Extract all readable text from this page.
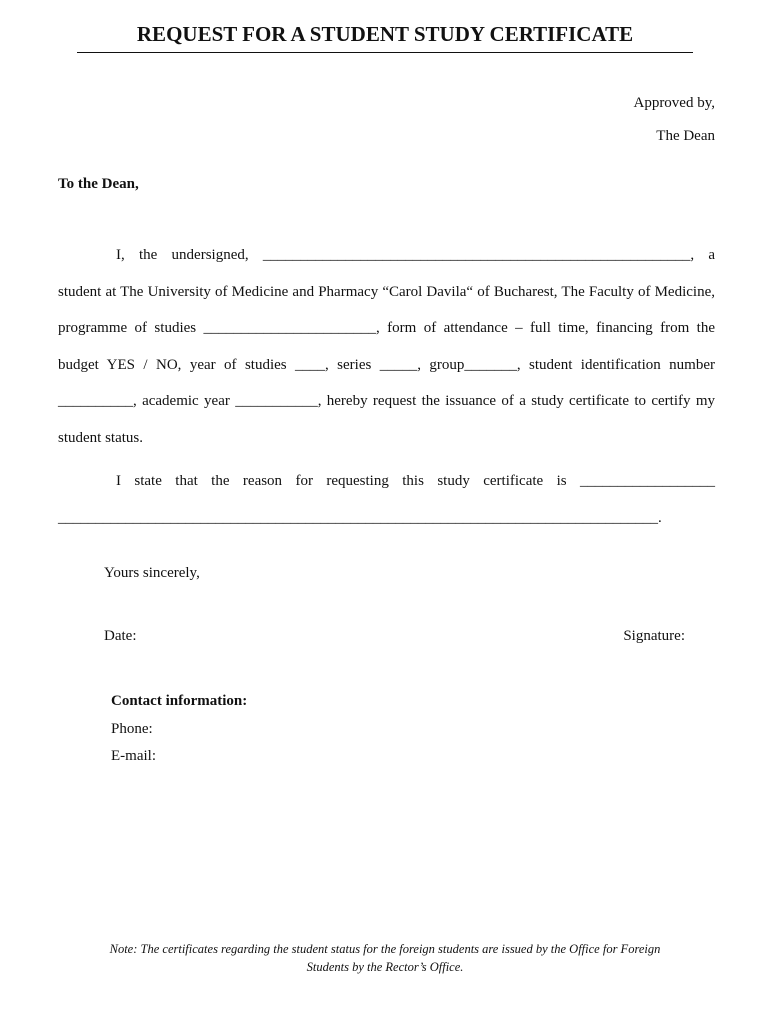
REQUEST FOR A STUDENT STUDY CERTIFICATE
Approved by,
The Dean
To the Dean,

I, the undersigned, _________________________________________________________, a student at The University of Medicine and Pharmacy “Carol Davila“ of Bucharest, The Faculty of Medicine, programme of studies _______________________, form of attendance – full time, financing from the budget YES / NO, year of studies ____, series _____, group_______, student identification number __________, academic year ___________, hereby request the issuance of a study certificate to certify my student status.

I state that the reason for requesting this study certificate is __________________ ________________________________________________________________________________.

Yours sincerely,
Date:	Signature:
Contact information:
Phone:
E-mail:
Note: The certificates regarding the student status for the foreign students are issued by the Office for Foreign Students by the Rector’s Office.
